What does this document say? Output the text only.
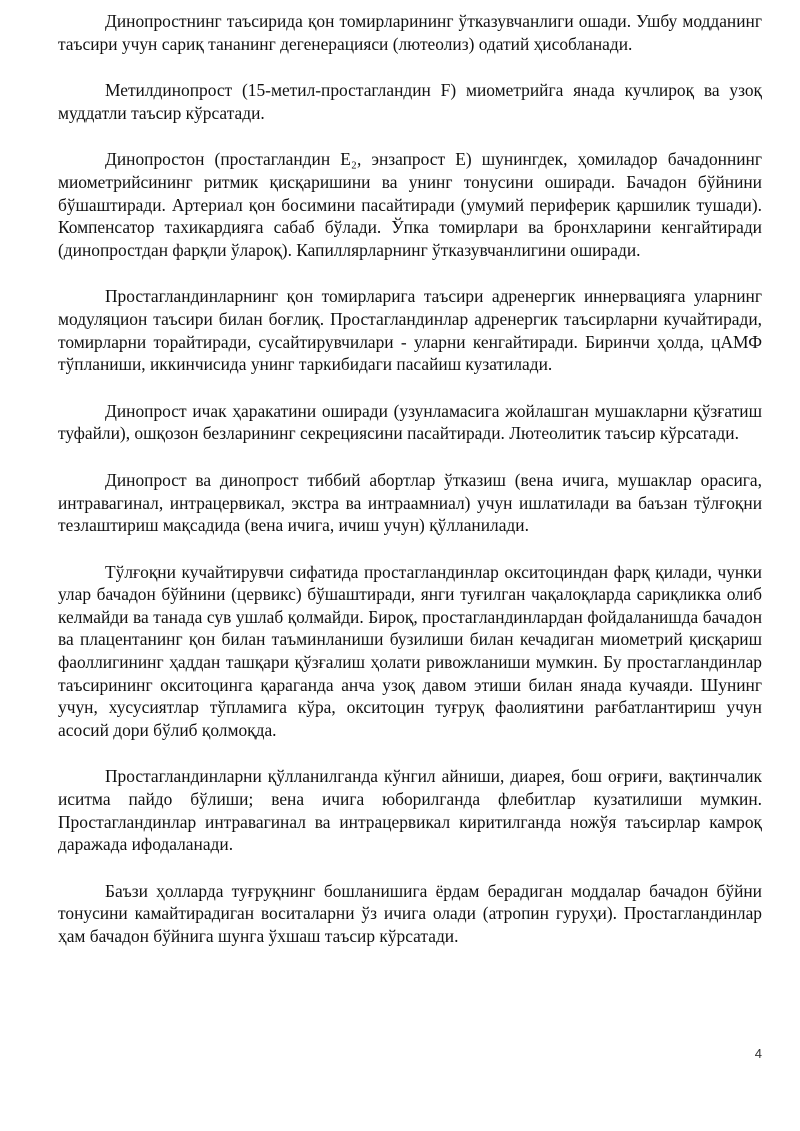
Динопростнинг таъсирида қон томирларининг ўтказувчанлиги ошади. Ушбу модданинг таъсири учун сариқ тананинг дегенерацияси (лютеолиз) одатий ҳисобланади.

Метилдинопрост (15-метил-простагландин F) миометрийга янада кучлироқ ва узоқ муддатли таъсир кўрсатади.

Динопростон (простагландин E₂, энзапрост E) шунингдек, ҳомиладор бачадоннинг миометрийсининг ритмик қисқаришини ва унинг тонусини оширади. Бачадон бўйнини бўшаштиради. Артериал қон босимини пасайтиради (умумий периферик қаршилик тушади). Компенсатор тахикардияга сабаб бўлади. Ўпка томирлари ва бронхларини кенгайтиради (динопростдан фарқли ўлароқ). Капиллярларнинг ўтказувчанлигини оширади.

Простагландинларнинг қон томирларига таъсири адренергик иннервацияга уларнинг модуляцион таъсири билан боғлиқ. Простагландинлар адренергик таъсирларни кучайтиради, томирларни торайтиради, сусайтирувчилари - уларни кенгайтиради. Биринчи ҳолда, цАМФ тўпланиши, иккинчисида унинг таркибидаги пасайиш кузатилади.

Динопрост ичак ҳаракатини оширади (узунламасига жойлашган мушакларни қўзғатиш туфайли), ошқозон безларининг секрециясини пасайтиради. Лютеолитик таъсир кўрсатади.

Динопрост ва динопрост тиббий абортлар ўтказиш (вена ичига, мушаклар орасига, интравагинал, интрацервикал, экстра ва интраамниал) учун ишлатилади ва баъзан тўлғоқни тезлаштириш мақсадида (вена ичига, ичиш учун) қўлланилади.

Тўлғоқни кучайтирувчи сифатида простагландинлар окситоциндан фарқ қилади, чунки улар бачадон бўйнини (цервикс) бўшаштиради, янги туғилган чақалоқларда сариқликка олиб келмайди ва танада сув ушлаб қолмайди. Бироқ, простагландинлардан фойдаланишда бачадон ва плацентанинг қон билан таъминланиши бузилиши билан кечадиган миометрий қисқариш фаоллигининг ҳаддан ташқари қўзғалиш ҳолати ривожланиши мумкин. Бу простагландинлар таъсирининг окситоцинга қараганда анча узоқ давом этиши билан янада кучаяди. Шунинг учун, хусусиятлар тўпламига кўра, окситоцин туғруқ фаолиятини рағбатлантириш учун асосий дори бўлиб қолмоқда.

Простагландинларни қўлланилганда кўнгил айниши, диарея, бош оғриғи, вақтинчалик иситма пайдо бўлиши; вена ичига юборилганда флебитлар кузатилиши мумкин. Простагландинлар интравагинал ва интрацервикал киритилганда ножўя таъсирлар камроқ даражада ифодаланади.

Баъзи ҳолларда туғруқнинг бошланишига ёрдам берадиган моддалар бачадон бўйни тонусини камайтирадиган воситаларни ўз ичига олади (атропин гуруҳи). Простагландинлар ҳам бачадон бўйнига шунга ўхшаш таъсир кўрсатади.

4
